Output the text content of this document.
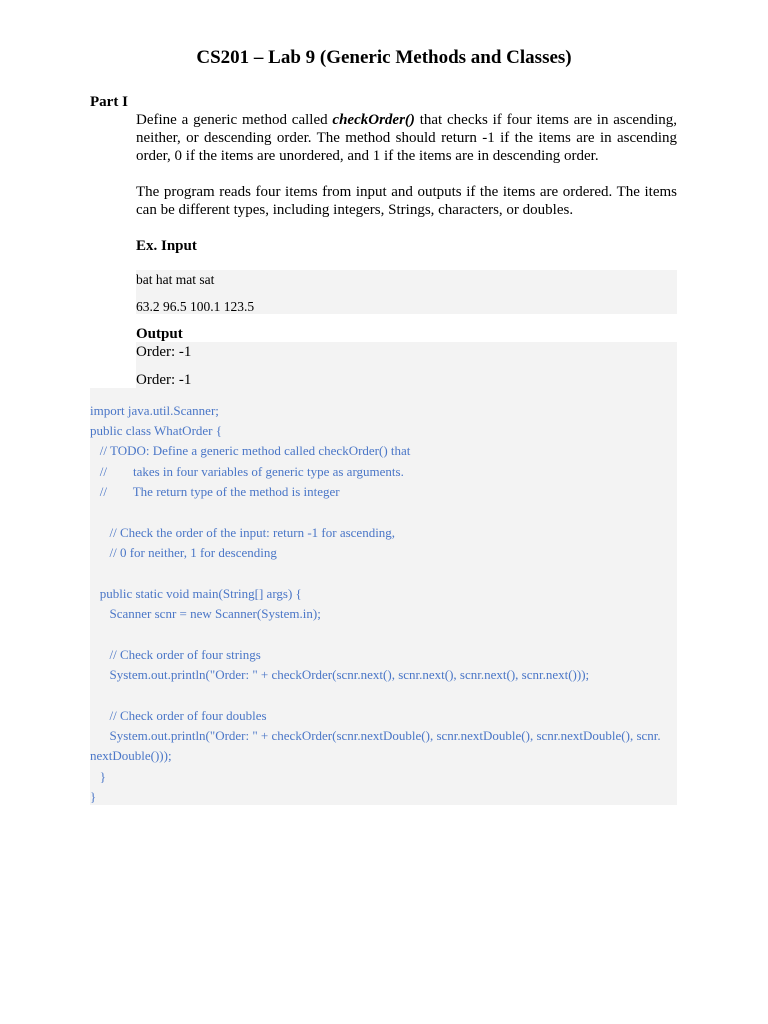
CS201 – Lab 9 (Generic Methods and Classes)
Part I
Define a generic method called checkOrder() that checks if four items are in ascending, neither, or descending order. The method should return -1 if the items are in ascending order, 0 if the items are unordered, and 1 if the items are in descending order.
The program reads four items from input and outputs if the items are ordered. The items can be different types, including integers, Strings, characters, or doubles.
Ex. Input
bat hat mat sat
63.2 96.5 100.1 123.5
Output
Order: -1
Order: -1
import java.util.Scanner;
public class WhatOrder {
// TODO: Define a generic method called checkOrder() that
//        takes in four variables of generic type as arguments.
//        The return type of the method is integer
// Check the order of the input: return -1 for ascending,
// 0 for neither, 1 for descending
public static void main(String[] args) {
Scanner scnr = new Scanner(System.in);
// Check order of four strings
System.out.println("Order: " + checkOrder(scnr.next(), scnr.next(), scnr.next(), scnr.next()));
// Check order of four doubles
System.out.println("Order: " + checkOrder(scnr.nextDouble(), scnr.nextDouble(), scnr.nextDouble(), scnr.
nextDouble()));
}
}
